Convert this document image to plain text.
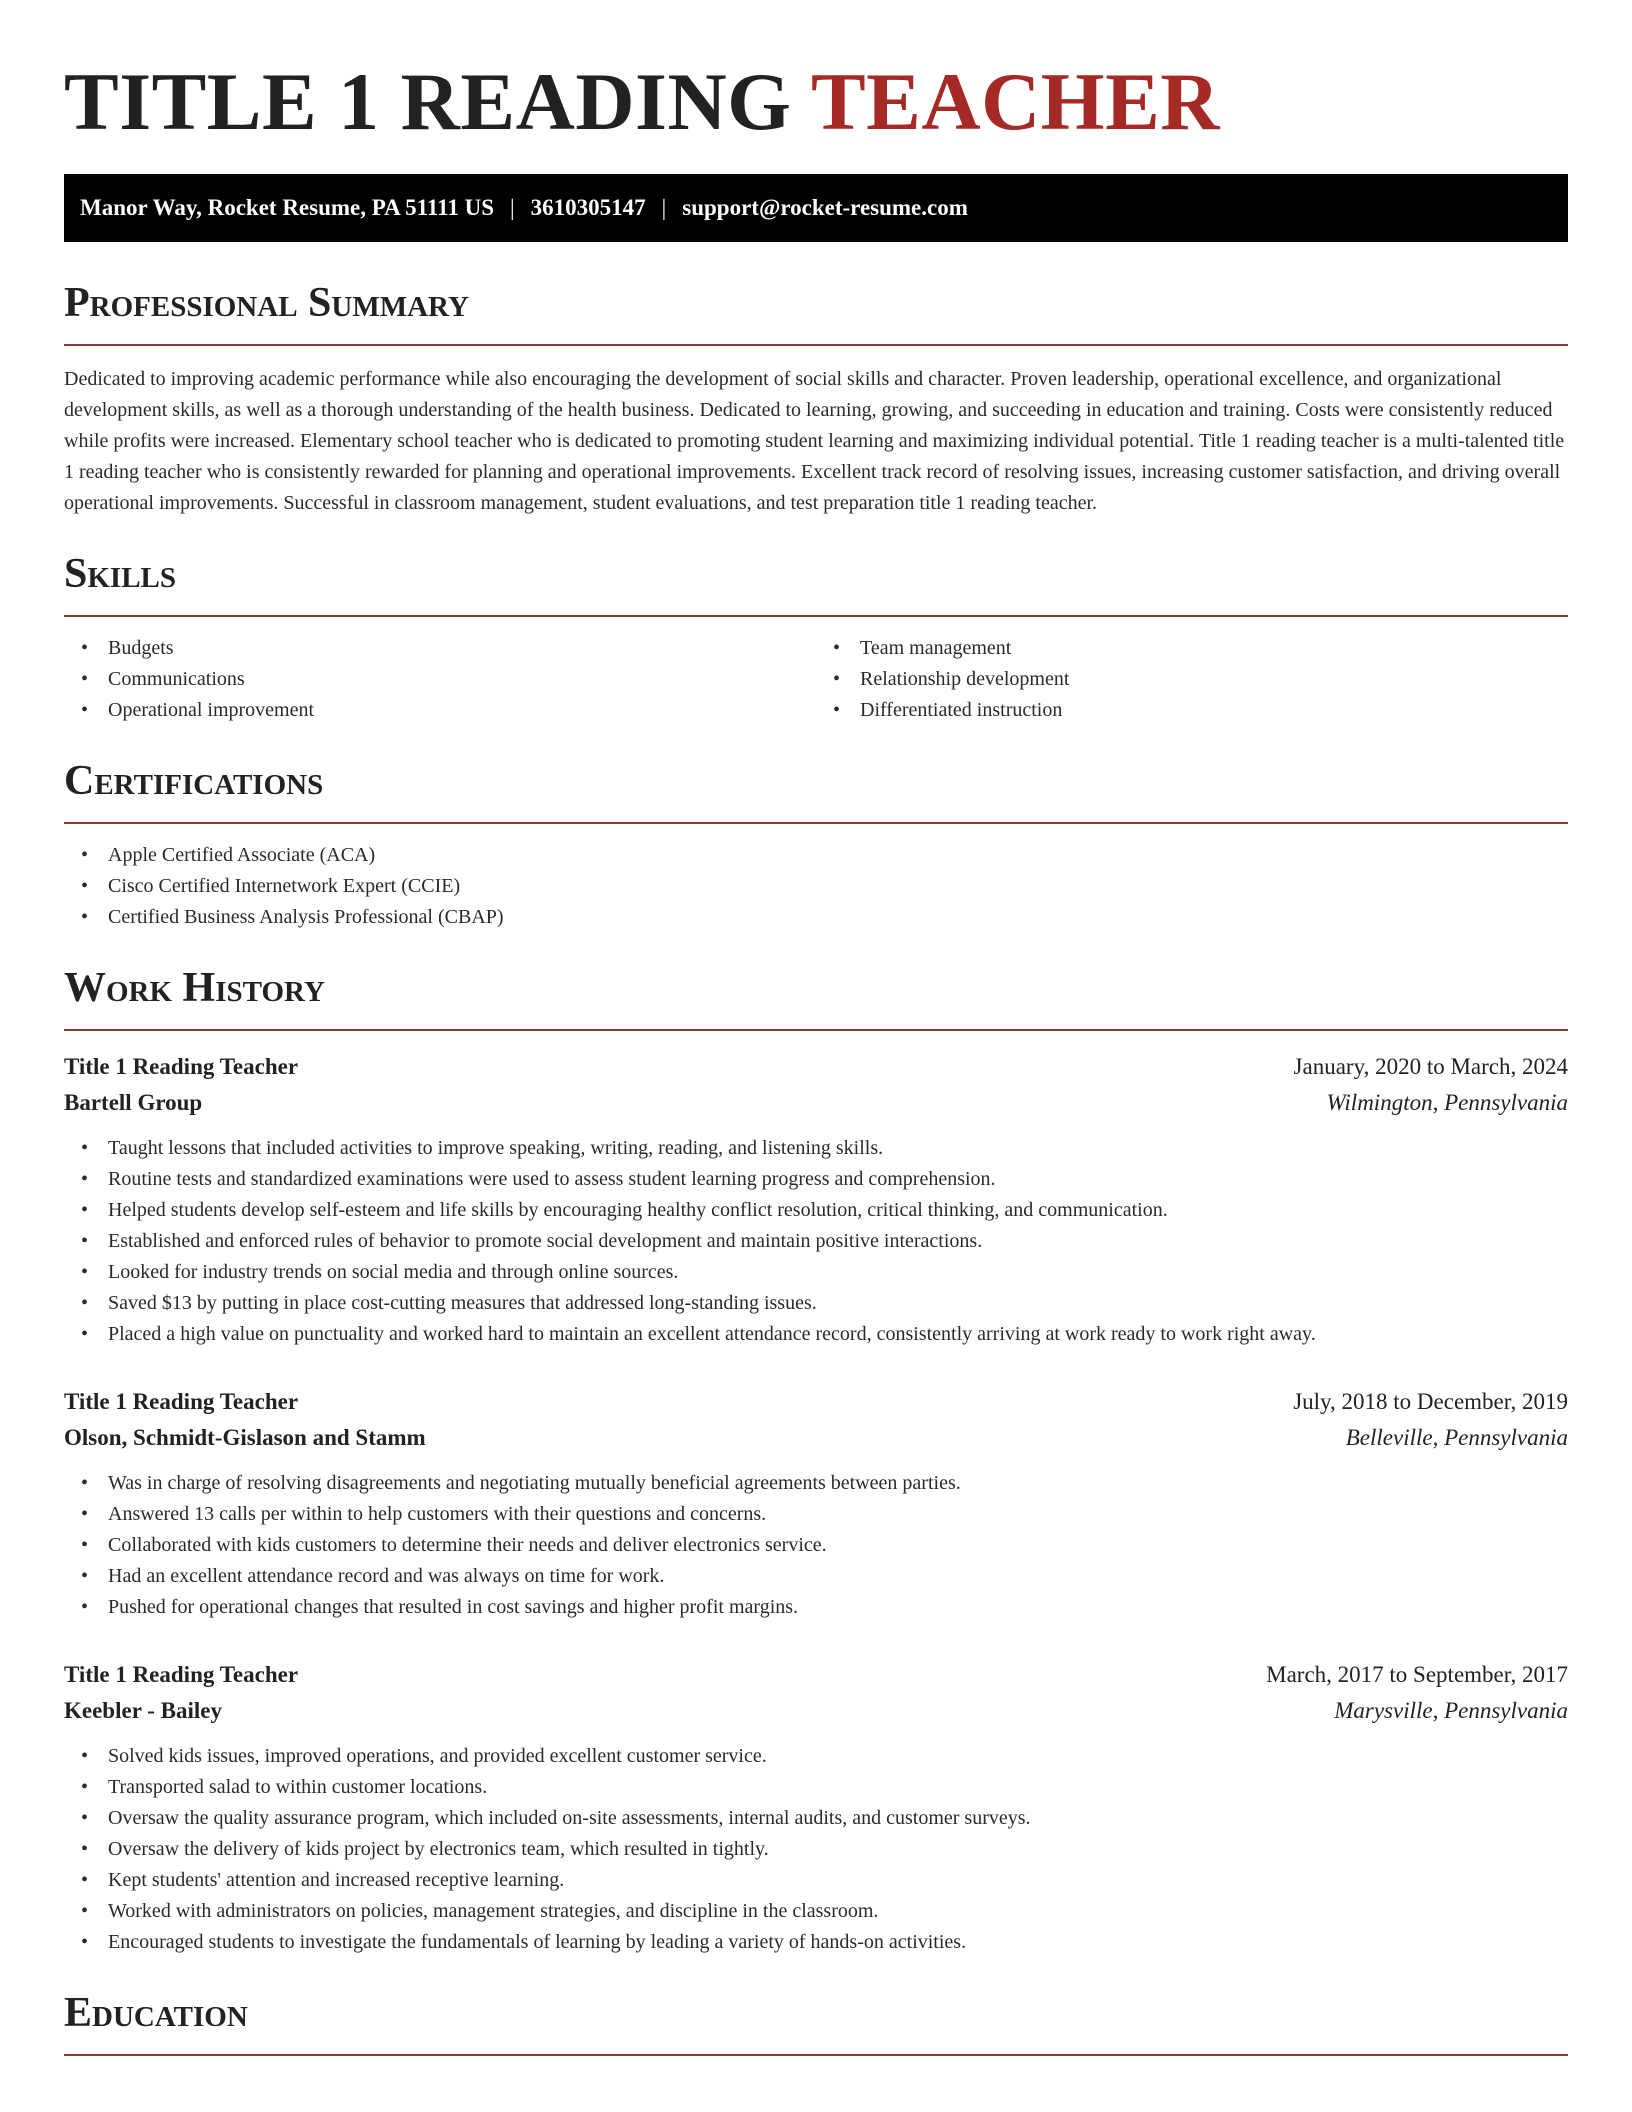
TITLE 1 READING TEACHER
Manor Way, Rocket Resume, PA 51111 US | 3610305147 | support@rocket-resume.com
Professional Summary

Dedicated to improving academic performance while also encouraging the development of social skills and character. Proven leadership, operational excellence, and organizational development skills, as well as a thorough understanding of the health business. Dedicated to learning, growing, and succeeding in education and training. Costs were consistently reduced while profits were increased. Elementary school teacher who is dedicated to promoting student learning and maximizing individual potential. Title 1 reading teacher is a multi-talented title 1 reading teacher who is consistently rewarded for planning and operational improvements. Excellent track record of resolving issues, increasing customer satisfaction, and driving overall operational improvements. Successful in classroom management, student evaluations, and test preparation title 1 reading teacher.

Skills
• Budgets
• Communications
• Operational improvement
• Team management
• Relationship development
• Differentiated instruction
Certifications
• Apple Certified Associate (ACA)
• Cisco Certified Internetwork Expert (CCIE)
• Certified Business Analysis Professional (CBAP)
Work History
Title 1 Reading Teacher	January, 2020 to March, 2024
Bartell Group	Wilmington, Pennsylvania
• Taught lessons that included activities to improve speaking, writing, reading, and listening skills.
• Routine tests and standardized examinations were used to assess student learning progress and comprehension.
• Helped students develop self-esteem and life skills by encouraging healthy conflict resolution, critical thinking, and communication.
• Established and enforced rules of behavior to promote social development and maintain positive interactions.
• Looked for industry trends on social media and through online sources.
• Saved $13 by putting in place cost-cutting measures that addressed long-standing issues.
• Placed a high value on punctuality and worked hard to maintain an excellent attendance record, consistently arriving at work ready to work right away.
Title 1 Reading Teacher	July, 2018 to December, 2019
Olson, Schmidt-Gislason and Stamm	Belleville, Pennsylvania
• Was in charge of resolving disagreements and negotiating mutually beneficial agreements between parties.
• Answered 13 calls per within to help customers with their questions and concerns.
• Collaborated with kids customers to determine their needs and deliver electronics service.
• Had an excellent attendance record and was always on time for work.
• Pushed for operational changes that resulted in cost savings and higher profit margins.
Title 1 Reading Teacher	March, 2017 to September, 2017
Keebler - Bailey	Marysville, Pennsylvania
• Solved kids issues, improved operations, and provided excellent customer service.
• Transported salad to within customer locations.
• Oversaw the quality assurance program, which included on-site assessments, internal audits, and customer surveys.
• Oversaw the delivery of kids project by electronics team, which resulted in tightly.
• Kept students' attention and increased receptive learning.
• Worked with administrators on policies, management strategies, and discipline in the classroom.
• Encouraged students to investigate the fundamentals of learning by leading a variety of hands-on activities.
Education
